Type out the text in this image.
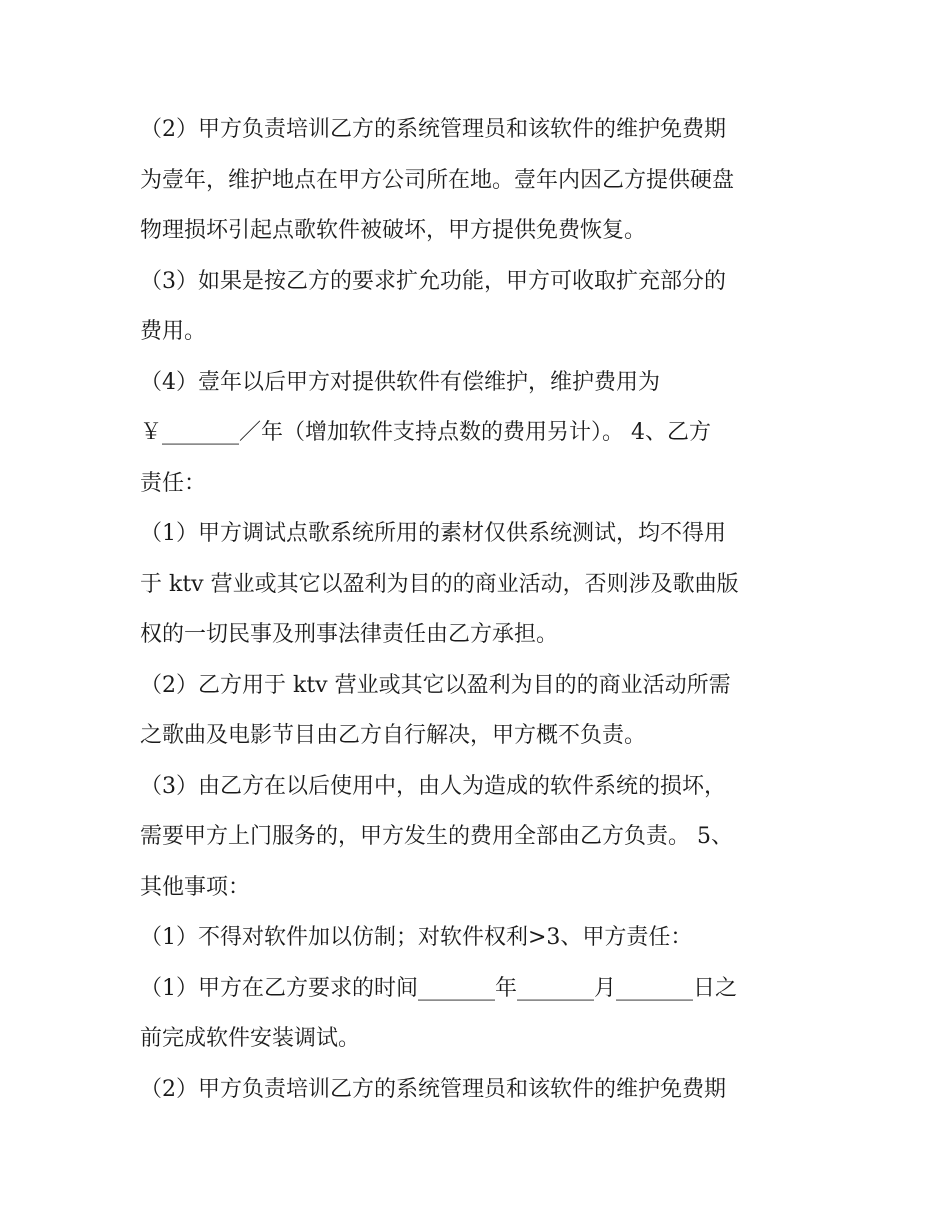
（2）甲方负责培训乙方的系统管理员和该软件的维护免费期
为壹年，维护地点在甲方公司所在地。壹年内因乙方提供硬盘
物理损坏引起点歌软件被破坏，甲方提供免费恢复。
（3）如果是按乙方的要求扩允功能，甲方可收取扩充部分的
费用。
（4）壹年以后甲方对提供软件有偿维护，维护费用为
￥_______／年（增加软件支持点数的费用另计）。 4、乙方
责任：
（1）甲方调试点歌系统所用的素材仅供系统测试，均不得用
于 ktv 营业或其它以盈利为目的的商业活动，否则涉及歌曲版
权的一切民事及刑事法律责任由乙方承担。
（2）乙方用于 ktv 营业或其它以盈利为目的的商业活动所需
之歌曲及电影节目由乙方自行解决，甲方概不负责。
（3）由乙方在以后使用中，由人为造成的软件系统的损坏，
需要甲方上门服务的，甲方发生的费用全部由乙方负责。 5、
其他事项：
（1）不得对软件加以仿制；对软件权利>3、甲方责任：
（1）甲方在乙方要求的时间_______年_______月_______日之
前完成软件安装调试。
（2）甲方负责培训乙方的系统管理员和该软件的维护免费期
